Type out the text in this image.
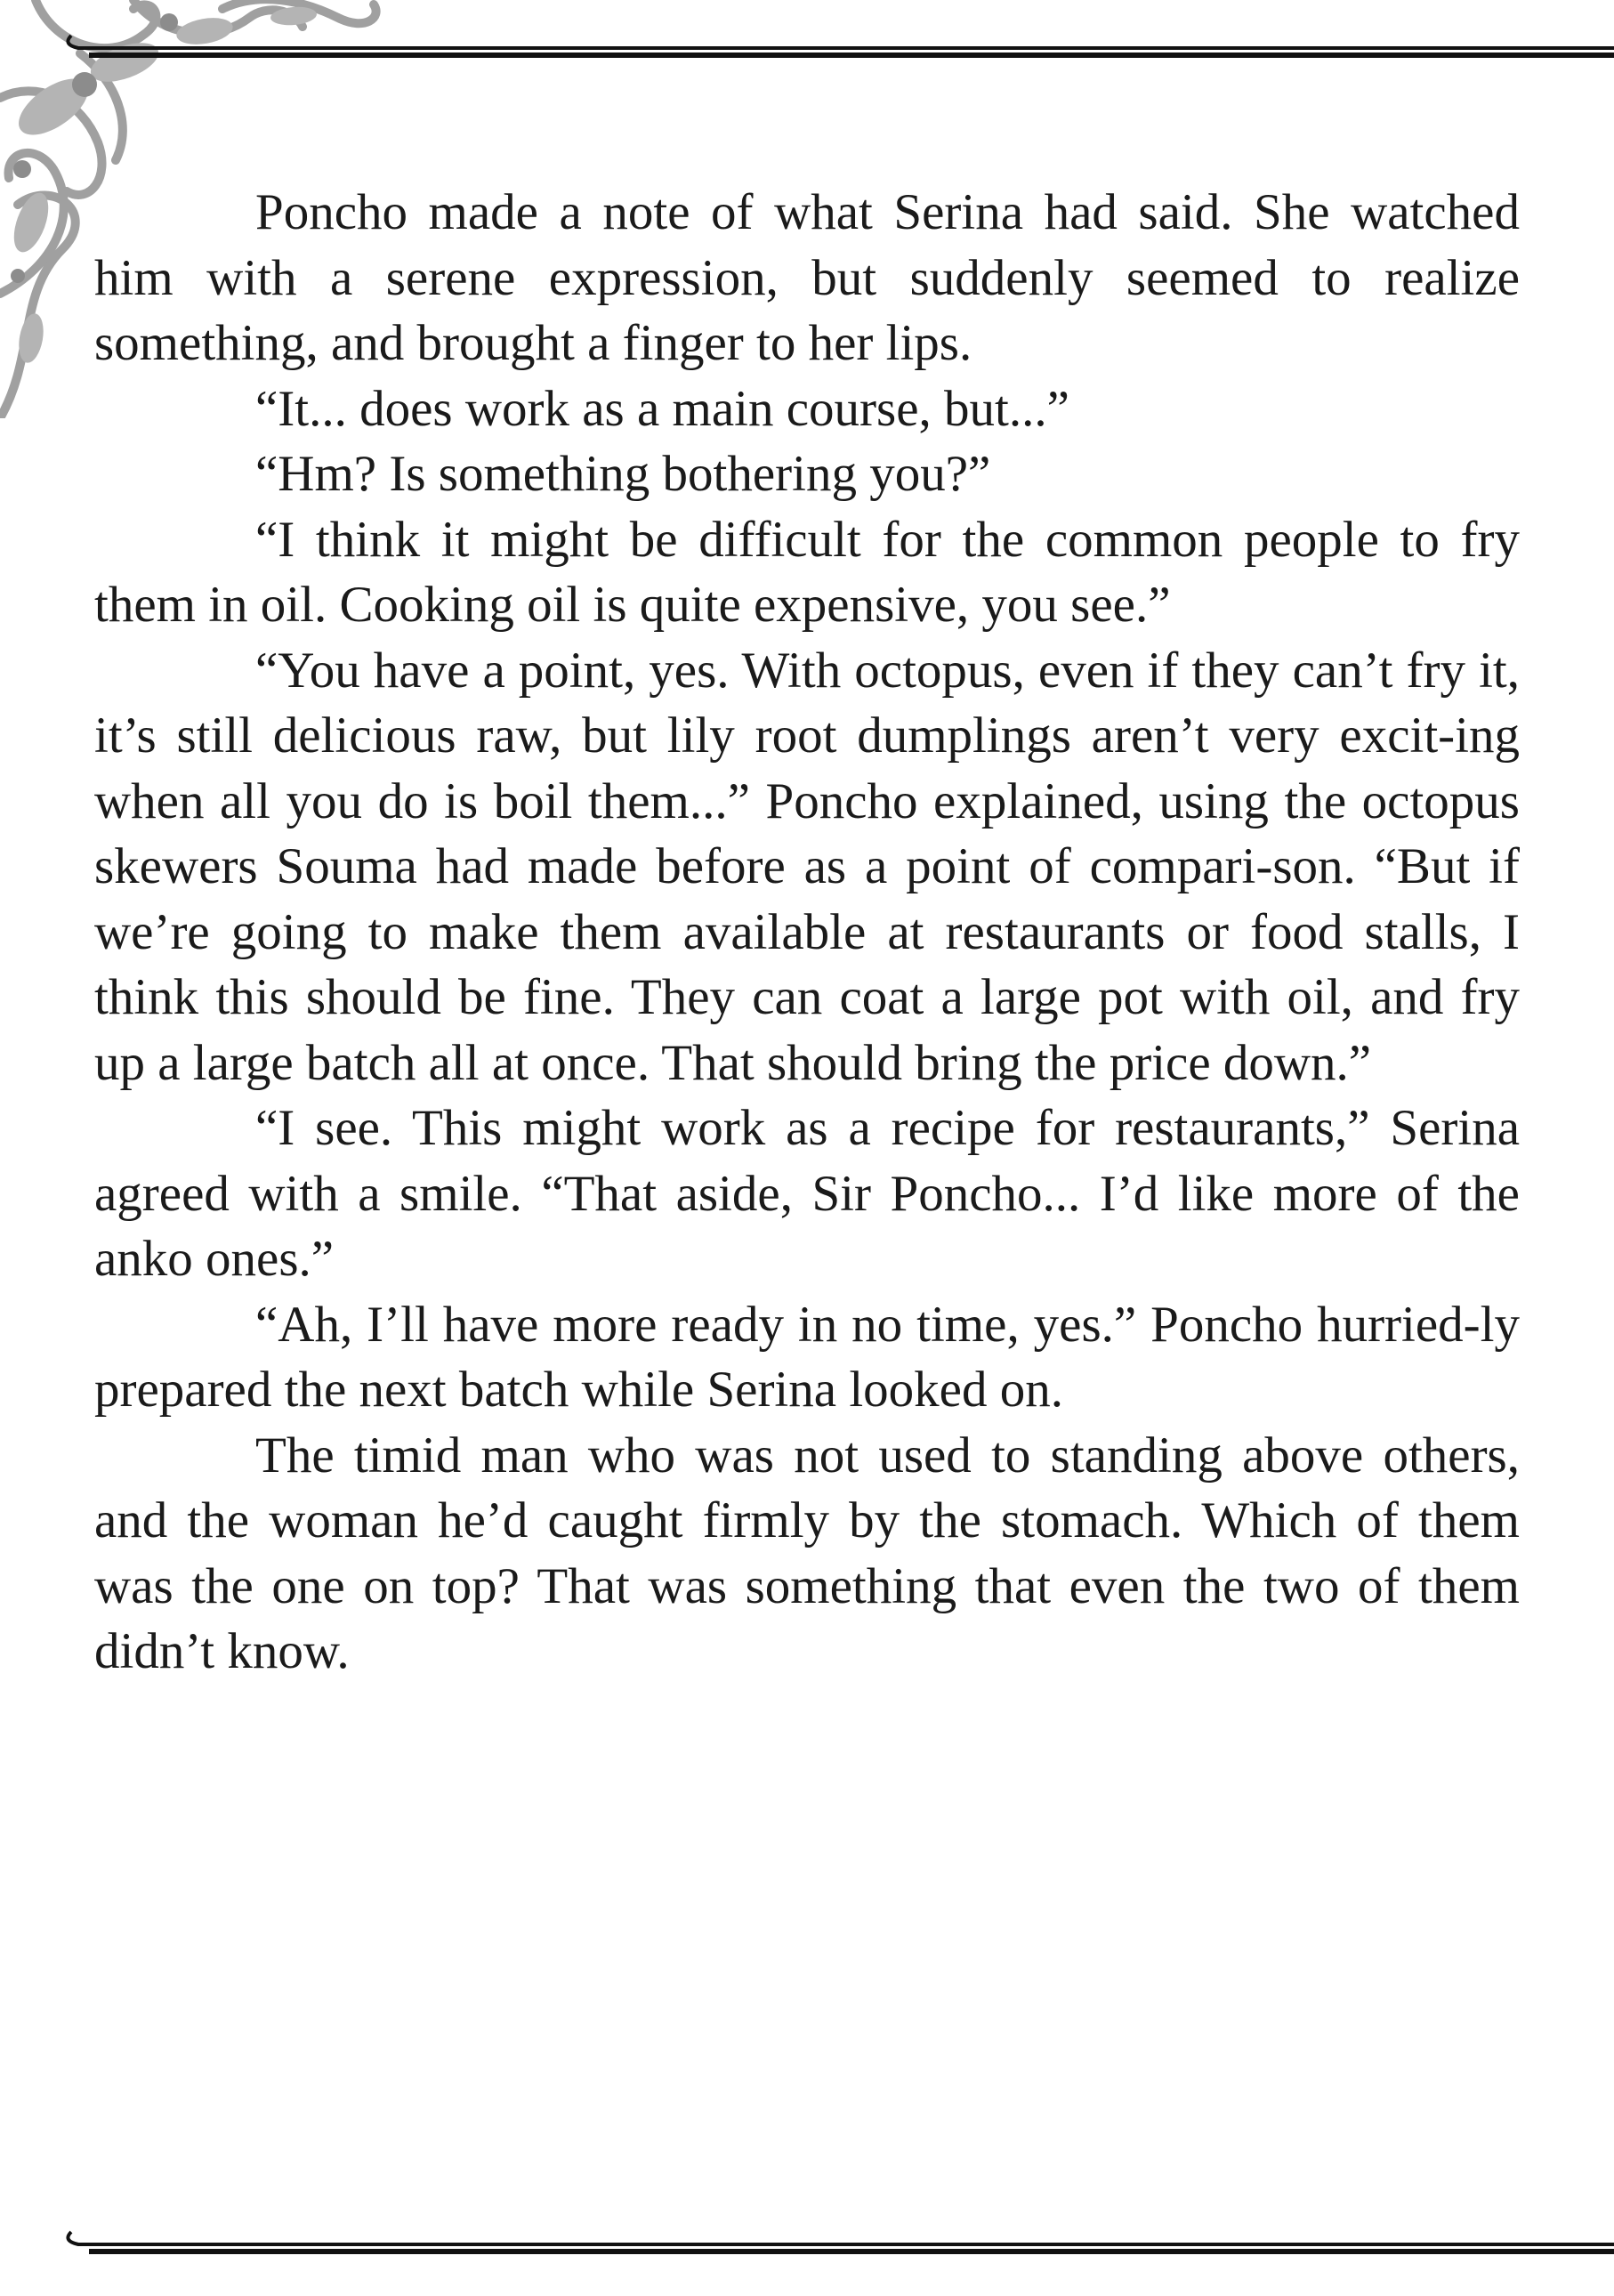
Poncho made a note of what Serina had said. She watched him with a serene expression, but suddenly seemed to realize something, and brought a finger to her lips.

“It... does work as a main course, but...”

“Hm? Is something bothering you?”

“I think it might be difficult for the common people to fry them in oil. Cooking oil is quite expensive, you see.”

“You have a point, yes. With octopus, even if they can’t fry it, it’s still delicious raw, but lily root dumplings aren’t very excit-ing when all you do is boil them...” Poncho explained, using the octopus skewers Souma had made before as a point of compari-son. “But if we’re going to make them available at restaurants or food stalls, I think this should be fine. They can coat a large pot with oil, and fry up a large batch all at once. That should bring the price down.”

“I see. This might work as a recipe for restaurants,” Serina agreed with a smile. “That aside, Sir Poncho... I’d like more of the anko ones.”

“Ah, I’ll have more ready in no time, yes.” Poncho hurried-ly prepared the next batch while Serina looked on.

The timid man who was not used to standing above others, and the woman he’d caught firmly by the stomach. Which of them was the one on top? That was something that even the two of them didn’t know.
